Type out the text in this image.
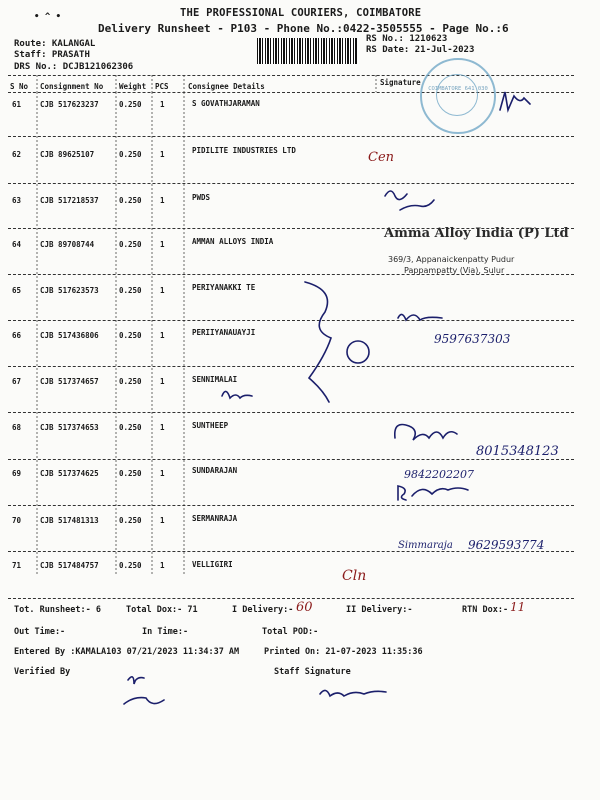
• ^ •	THE PROFESSIONAL COURIERS, COIMBATORE
Delivery Runsheet - P103 - Phone No.:0422-3505555 - Page No.:6
Route: KALANGAL
Staff: PRASATH
DRS No.: DCJB121062306
RS No.: 1210623
RS Date: 21-Jul-2023
S No Consignment No Weight PCS	Consignee Details	Signature
61	CJB 517623237	0.250 1	S GOVATHJARAMAN
62	CJB 89625107	0.250 1	PIDILITE INDUSTRIES LTD
63	CJB 517218537	0.250 1	PWDS
64	CJB 89708744	0.250 1	AMMAN ALLOYS INDIA
65	CJB 517623573	0.250 1	PERIYANAKKI TE
66	CJB 517436806	0.250 1	PERIIYANAUAYJI
67	CJB 517374657	0.250 1	SENNIMALAI
68	CJB 517374653	0.250 1	SUNTHEEP
69	CJB 517374625	0.250 1	SUNDARAJAN
70	CJB 517481313	0.250 1	SERMANRAJA
71	CJB 517484757	0.250 1	VELLIGIRI
COIMBATORE 641 030
Amma Alloy India (P) Ltd
369/3, Appanaickenpatty Pudur
Pappampatty (Via), Sulur
Cen
9597637303
8015348123
9842202207
Simmaraja 9629593774
Cln
Tot. Runsheet:- 6	Total Dox:- 71	I Delivery:- 60	II Delivery:-	RTN Dox:- 11
Out Time:-	In Time:-	Total POD:-
Entered By :KAMALA103 07/21/2023 11:34:37 AM	Printed On: 21-07-2023 11:35:36
Verified By	Staff Signature
